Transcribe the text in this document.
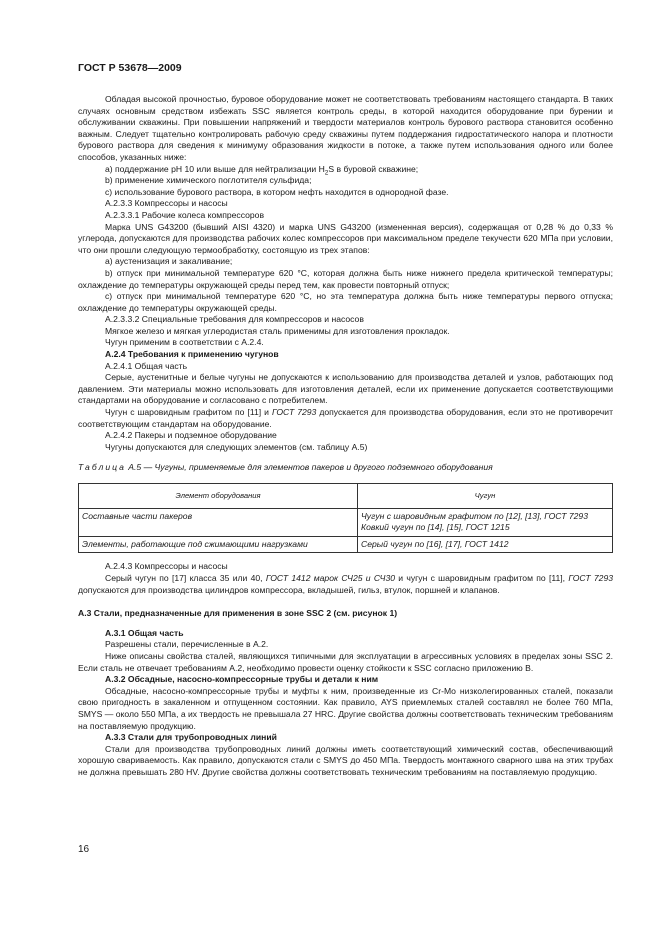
ГОСТ Р 53678—2009

Обладая высокой прочностью, буровое оборудование может не соответствовать требованиям настоящего стандарта. В таких случаях основным средством избежать SSC является контроль среды, в которой находится оборудование при бурении и обслуживании скважины. При повышении напряжений и твердости материалов контроль бурового раствора становится особенно важным. Следует тщательно контролировать рабочую среду скважины путем поддержания гидростатического напора и плотности бурового раствора для сведения к минимуму образования жидкости в потоке, а также путем использования одного или более способов, указанных ниже:

a) поддержание pH 10 или выше для нейтрализации $H_2S$ в буровой скважине;

b) применение химического поглотителя сульфида;

c) использование бурового раствора, в котором нефть находится в однородной фазе.

А.2.3.3 Компрессоры и насосы

А.2.3.3.1 Рабочие колеса компрессоров

Марка UNS G43200 (бывший AISI 4320) и марка UNS G43200 (измененная версия), содержащая от 0,28 % до 0,33 % углерода, допускаются для производства рабочих колес компрессоров при максимальном пределе текучести 620 МПа при условии, что они прошли следующую термообработку, состоящую из трех этапов:

a) аустенизация и закаливание;

b) отпуск при минимальной температуре 620 °C, которая должна быть ниже нижнего предела критической температуры; охлаждение до температуры окружающей среды перед тем, как провести повторный отпуск;

c) отпуск при минимальной температуре 620 °C, но эта температура должна быть ниже температуры первого отпуска; охлаждение до температуры окружающей среды.

А.2.3.3.2 Специальные требования для компрессоров и насосов

Мягкое железо и мягкая углеродистая сталь применимы для изготовления прокладок.

Чугун применим в соответствии с А.2.4.

А.2.4 Требования к применению чугунов

А.2.4.1 Общая часть

Серые, аустенитные и белые чугуны не допускаются к использованию для производства деталей и узлов, работающих под давлением. Эти материалы можно использовать для изготовления деталей, если их применение допускается соответствующими стандартами на оборудование и согласовано с потребителем.

Чугун с шаровидным графитом по [11] и ГОСТ 7293 допускается для производства оборудования, если это не противоречит соответствующим стандартам на оборудование.

А.2.4.2 Пакеры и подземное оборудование

Чугуны допускаются для следующих элементов (см. таблицу А.5)

Таблица А.5 — Чугуны, применяемые для элементов пакеров и другого подземного оборудования

Элемент оборудования	Чугун
Составные части пакеров	Чугун с шаровидным графитом по [12], [13], ГОСТ 7293
Ковкий чугун по [14], [15], ГОСТ 1215

Элементы, работающие под сжимающими нагрузками	Серый чугун по [16], [17], ГОСТ 1412

А.2.4.3 Компрессоры и насосы

Серый чугун по [17] класса 35 или 40, ГОСТ 1412 марок СЧ25 и СЧ30 и чугун с шаровидным графитом по [11], ГОСТ 7293 допускаются для производства цилиндров компрессора, вкладышей, гильз, втулок, поршней и клапанов.

А.3 Стали, предназначенные для применения в зоне SSC 2 (см. рисунок 1)

А.3.1 Общая часть

Разрешены стали, перечисленные в А.2.

Ниже описаны свойства сталей, являющихся типичными для эксплуатации в агрессивных условиях в пределах зоны SSC 2. Если сталь не отвечает требованиям А.2, необходимо провести оценку стойкости к SSC согласно приложению В.

А.3.2 Обсадные, насосно-компрессорные трубы и детали к ним

Обсадные, насосно-компрессорные трубы и муфты к ним, произведенные из Cr-Mo низколегированных сталей, показали свою пригодность в закаленном и отпущенном состоянии. Как правило, AYS приемлемых сталей составлял не более 760 МПа, SMYS — около 550 МПа, а их твердость не превышала 27 HRC. Другие свойства должны соответствовать техническим требованиям на поставляемую продукцию.

А.3.3 Стали для трубопроводных линий

Стали для производства трубопроводных линий должны иметь соответствующий химический состав, обеспечивающий хорошую свариваемость. Как правило, допускаются стали с SMYS до 450 МПа. Твердость монтажного сварного шва на этих трубах не должна превышать 280 HV. Другие свойства должны соответствовать техническим требованиям на поставляемую продукцию.

16
